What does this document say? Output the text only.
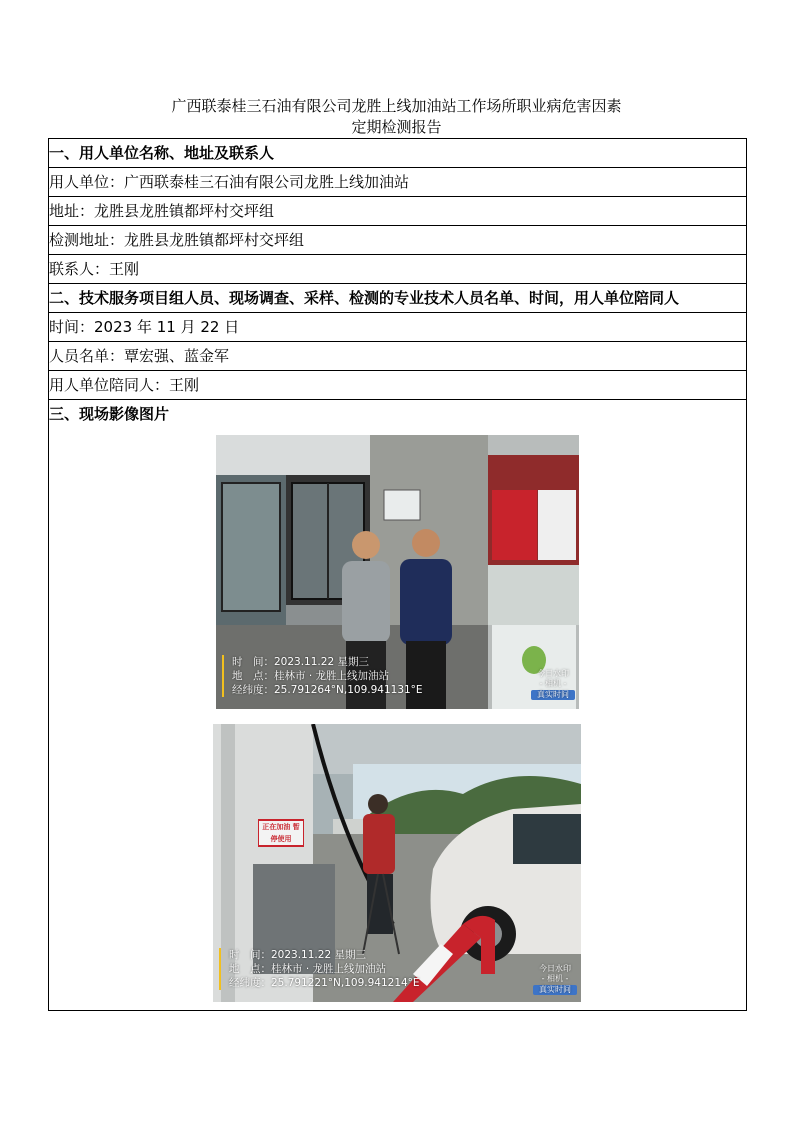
广西联泰桂三石油有限公司龙胜上线加油站工作场所职业病危害因素
定期检测报告
一、用人单位名称、地址及联系人
用人单位：广西联泰桂三石油有限公司龙胜上线加油站
地址：龙胜县龙胜镇都坪村交坪组
检测地址：龙胜县龙胜镇都坪村交坪组
联系人：王刚
二、技术服务项目组人员、现场调查、采样、检测的专业技术人员名单、时间，用人单位陪同人
时间：2023 年 11 月 22 日
人员名单：覃宏强、蓝金军
用人单位陪同人：王刚
三、现场影像图片
时　间：2023.11.22 星期三
地　点：桂林市 · 龙胜上线加油站
经纬度：25.791264°N,109.941131°E
今日水印
- 相机 -
真实时间
正在加油 暂停使用
时　间：2023.11.22 星期三
地　点：桂林市 · 龙胜上线加油站
经纬度：25.791221°N,109.941214°E
今日水印
- 相机 -
真实时间
